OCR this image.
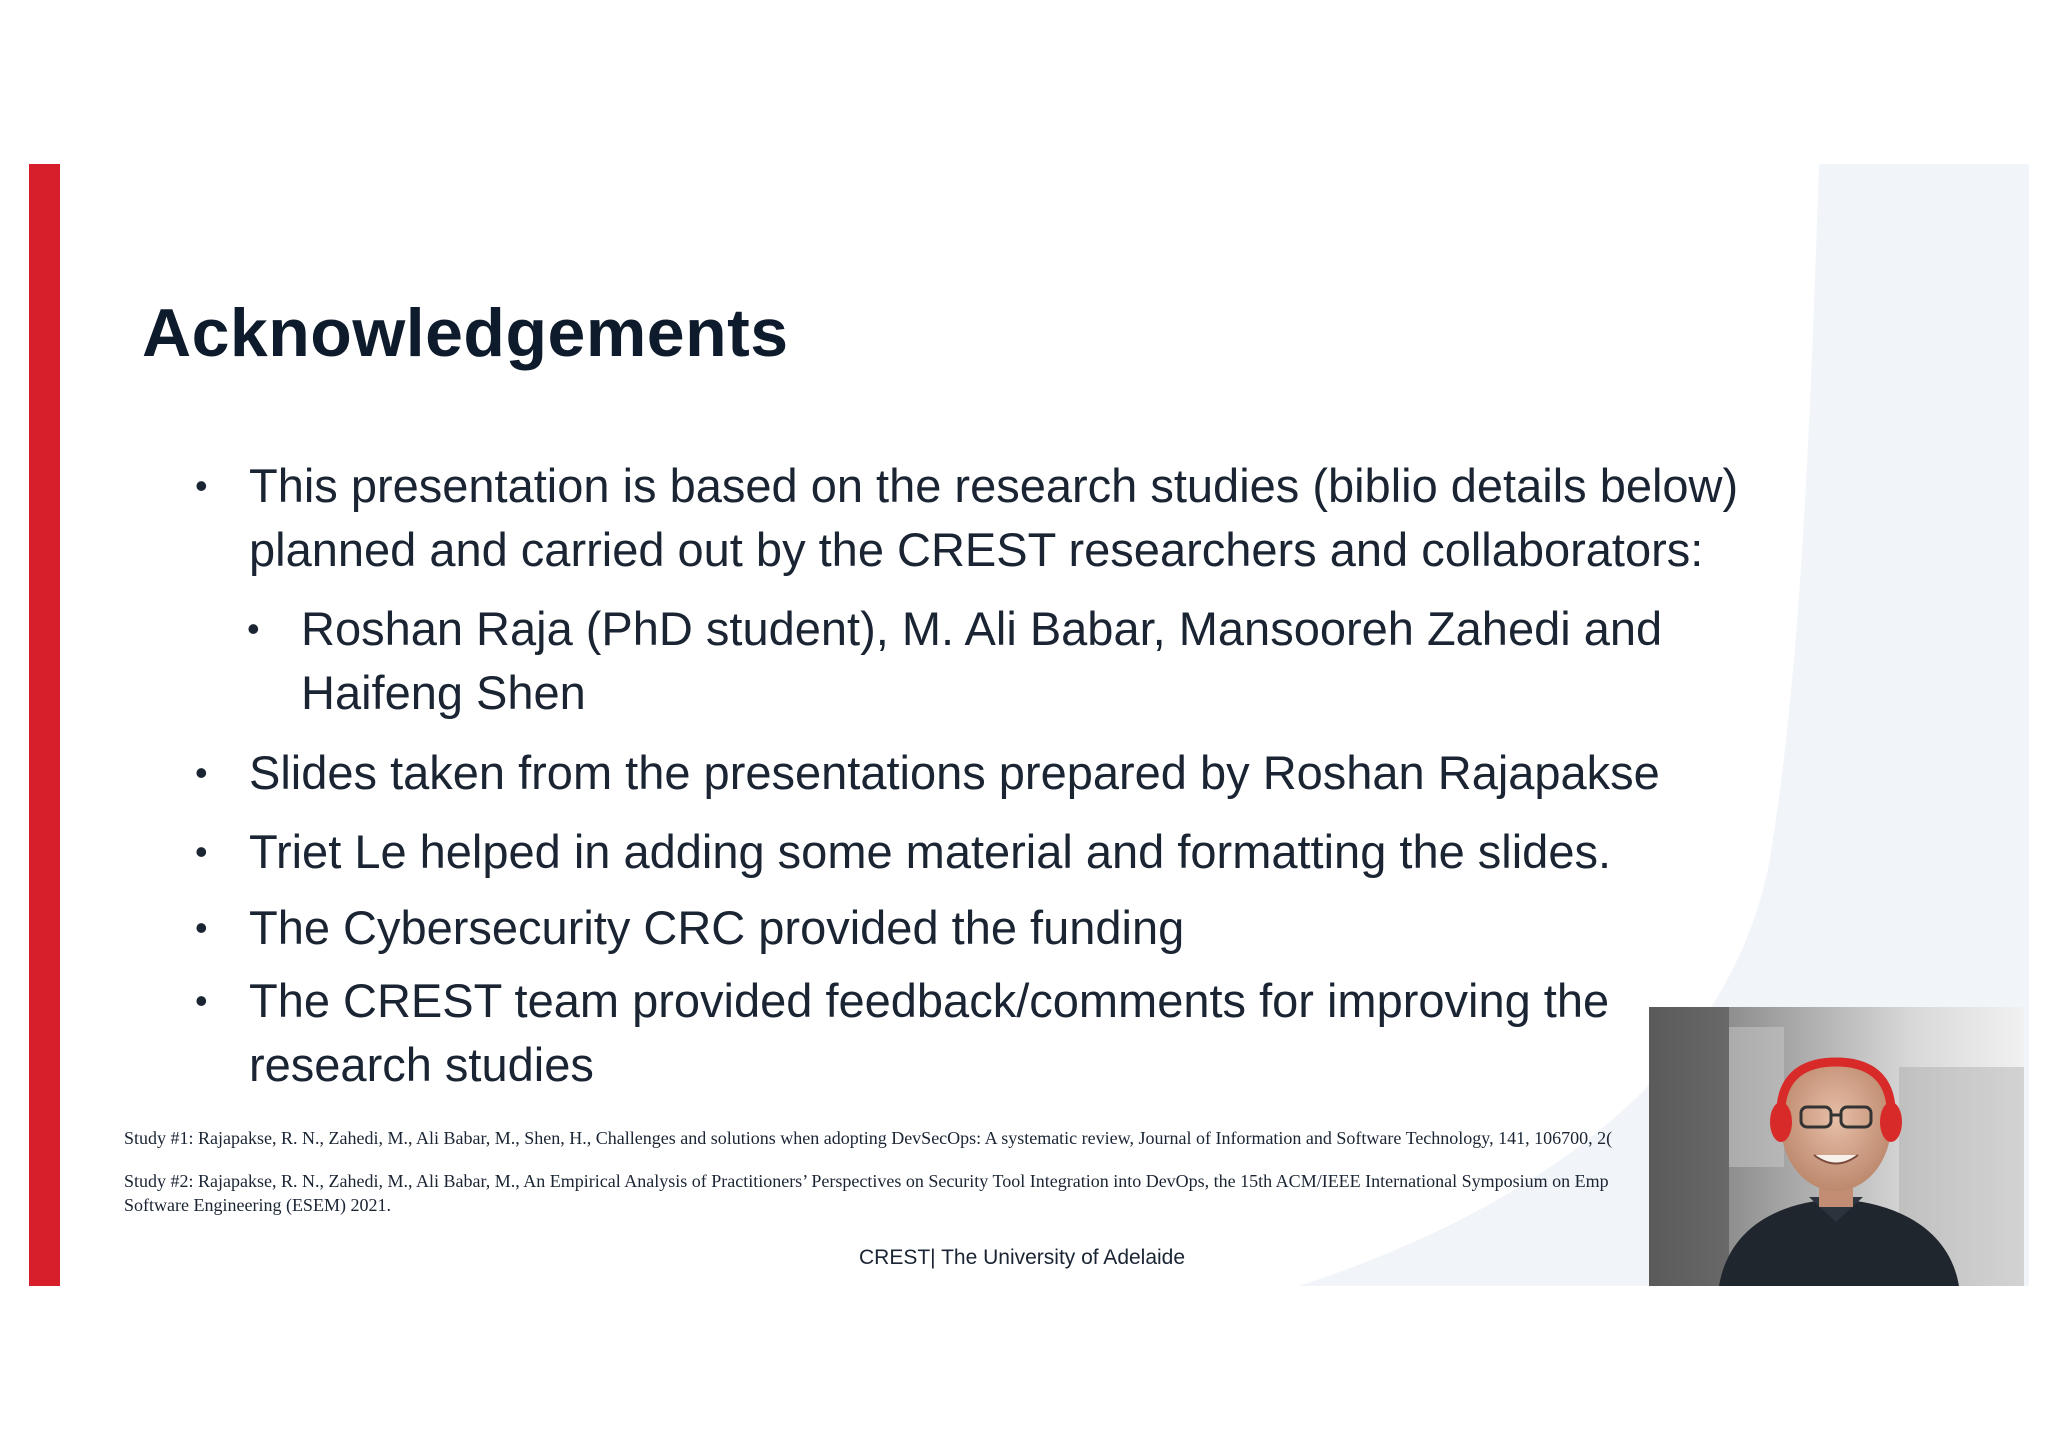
Acknowledgements
• This presentation is based on the research studies (biblio details below)
planned and carried out by the CREST researchers and collaborators:
• Roshan Raja (PhD student), M. Ali Babar, Mansooreh Zahedi and
Haifeng Shen
• Slides taken from the presentations prepared by Roshan Rajapakse
• Triet Le helped in adding some material and formatting the slides.
• The Cybersecurity CRC provided the funding
• The CREST team provided feedback/comments for improving the
research studies
Study #1: Rajapakse, R. N., Zahedi, M., Ali Babar, M., Shen, H., Challenges and solutions when adopting DevSecOps: A systematic review, Journal of Information and Software Technology, 141, 106700, 2(
Study #2: Rajapakse, R. N., Zahedi, M., Ali Babar, M., An Empirical Analysis of Practitioners’ Perspectives on Security Tool Integration into DevOps, the 15th ACM/IEEE International Symposium on Emp
Software Engineering (ESEM) 2021.
CREST| The University of Adelaide
